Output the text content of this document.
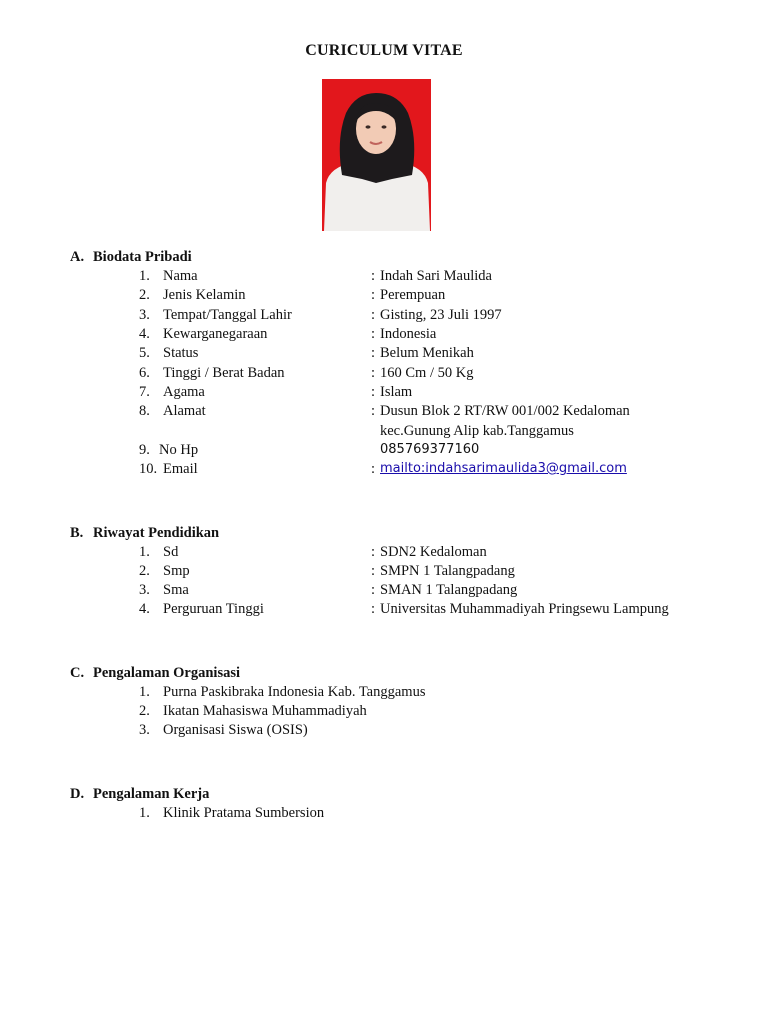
CURICULUM VITAE
A. Biodata Pribadi
1. Nama	: Indah Sari Maulida
2. Jenis Kelamin	: Perempuan
3. Tempat/Tanggal Lahir	: Gisting, 23 Juli 1997
4. Kewarganegaraan	: Indonesia
5. Status	: Belum Menikah
6. Tinggi / Berat Badan	: 160 Cm / 50 Kg
7. Agama	: Islam
8. Alamat	: Dusun Blok 2 RT/RW 001/002 Kedaloman
kec.Gunung Alip kab.Tanggamus
9. No Hp	085769377160
10. Email	: mailto:indahsarimaulida3@gmail.com
B. Riwayat Pendidikan
1. Sd	: SDN2 Kedaloman
2. Smp	: SMPN 1 Talangpadang
3. Sma	: SMAN 1 Talangpadang
4. Perguruan Tinggi	: Universitas Muhammadiyah Pringsewu Lampung
C. Pengalaman Organisasi
1. Purna Paskibraka Indonesia Kab. Tanggamus
2. Ikatan Mahasiswa Muhammadiyah
3. Organisasi Siswa (OSIS)
D. Pengalaman Kerja
1. Klinik Pratama Sumbersion
